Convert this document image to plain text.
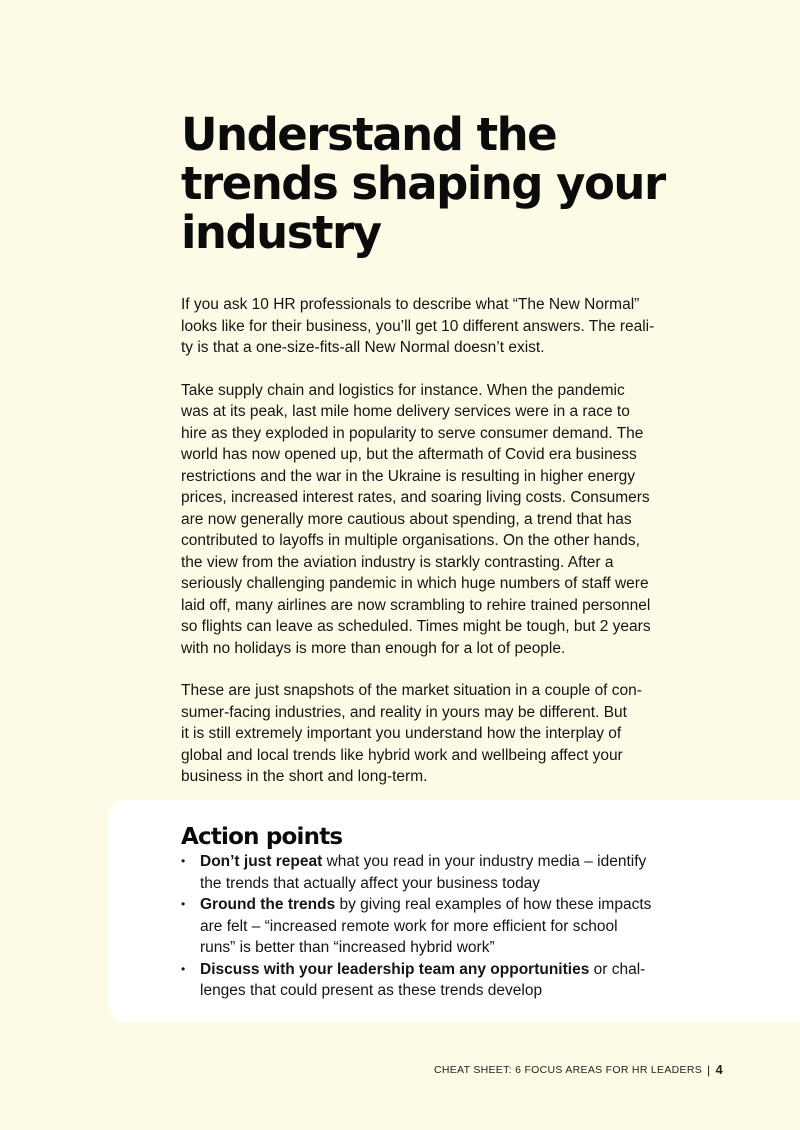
Understand the
trends shaping your
industry

If you ask 10 HR professionals to describe what “The New Normal”
looks like for their business, you’ll get 10 different answers. The reali-
ty is that a one-size-fits-all New Normal doesn’t exist.

Take supply chain and logistics for instance. When the pandemic
was at its peak, last mile home delivery services were in a race to
hire as they exploded in popularity to serve consumer demand. The
world has now opened up, but the aftermath of Covid era business
restrictions and the war in the Ukraine is resulting in higher energy
prices, increased interest rates, and soaring living costs. Consumers
are now generally more cautious about spending, a trend that has
contributed to layoffs in multiple organisations. On the other hands,
the view from the aviation industry is starkly contrasting. After a
seriously challenging pandemic in which huge numbers of staff were
laid off, many airlines are now scrambling to rehire trained personnel
so flights can leave as scheduled. Times might be tough, but 2 years
with no holidays is more than enough for a lot of people.

These are just snapshots of the market situation in a couple of con-
sumer-facing industries, and reality in yours may be different. But
it is still extremely important you understand how the interplay of
global and local trends like hybrid work and wellbeing affect your
business in the short and long-term.

Action points
• Don’t just repeat what you read in your industry media – identify
the trends that actually affect your business today
• Ground the trends by giving real examples of how these impacts
are felt – “increased remote work for more efficient for school
runs” is better than “increased hybrid work”
• Discuss with your leadership team any opportunities or chal-
lenges that could present as these trends develop
CHEAT SHEET: 6 FOCUS AREAS FOR HR LEADERS | 4
